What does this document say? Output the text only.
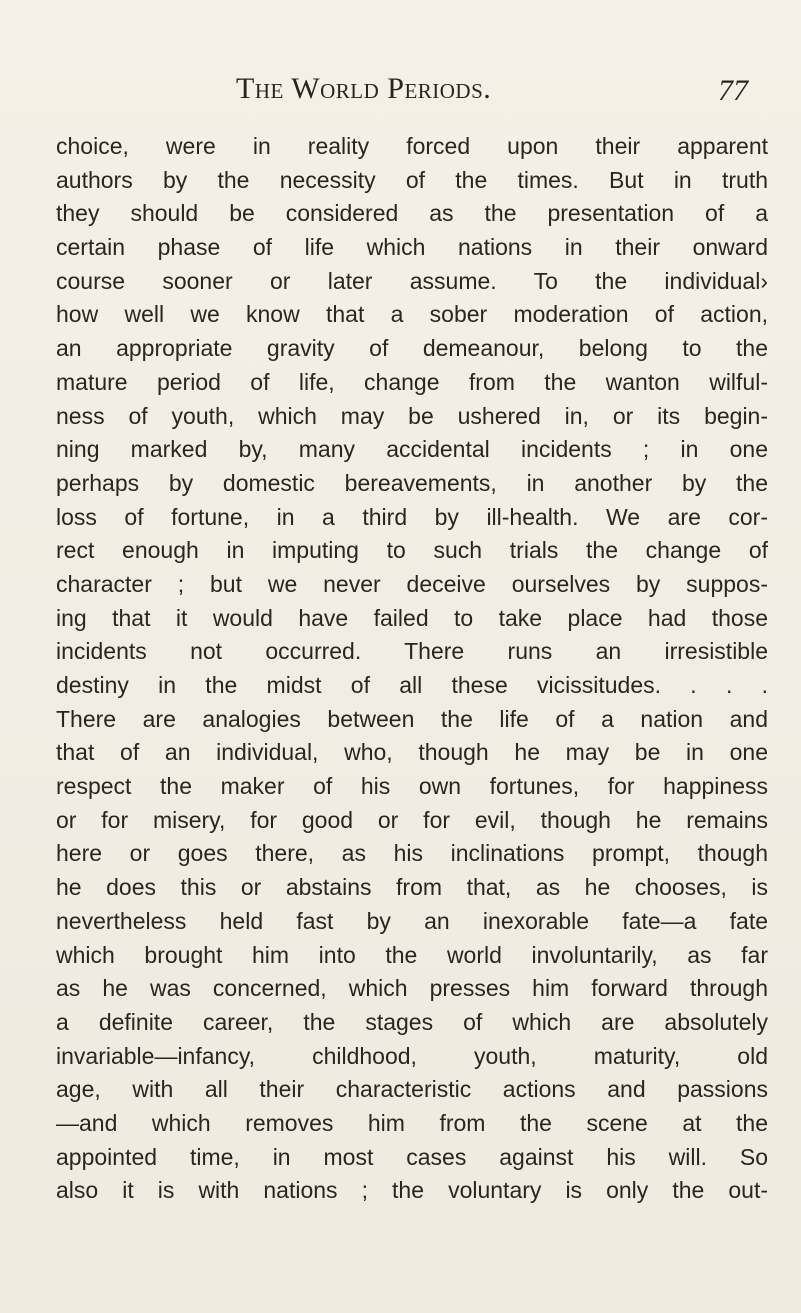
The World Periods.	77
choice, were in reality forced upon their apparent
authors by the necessity of the times. But in truth
they should be considered as the presentation of a
certain phase of life which nations in their onward
course sooner or later assume. To the individual›
how well we know that a sober moderation of action,
an appropriate gravity of demeanour, belong to the
mature period of life, change from the wanton wilful-
ness of youth, which may be ushered in, or its begin-
ning marked by, many accidental incidents ; in one
perhaps by domestic bereavements, in another by the
loss of fortune, in a third by ill-health. We are cor-
rect enough in imputing to such trials the change of
character ; but we never deceive ourselves by suppos-
ing that it would have failed to take place had those
incidents not occurred. There runs an irresistible
destiny in the midst of all these vicissitudes. . . .
There are analogies between the life of a nation and
that of an individual, who, though he may be in one
respect the maker of his own fortunes, for happiness
or for misery, for good or for evil, though he remains
here or goes there, as his inclinations prompt, though
he does this or abstains from that, as he chooses, is
nevertheless held fast by an inexorable fate—a fate
which brought him into the world involuntarily, as far
as he was concerned, which presses him forward through
a definite career, the stages of which are absolutely
invariable—infancy, childhood, youth, maturity, old
age, with all their characteristic actions and passions
—and which removes him from the scene at the
appointed time, in most cases against his will. So
also it is with nations ; the voluntary is only the out-
